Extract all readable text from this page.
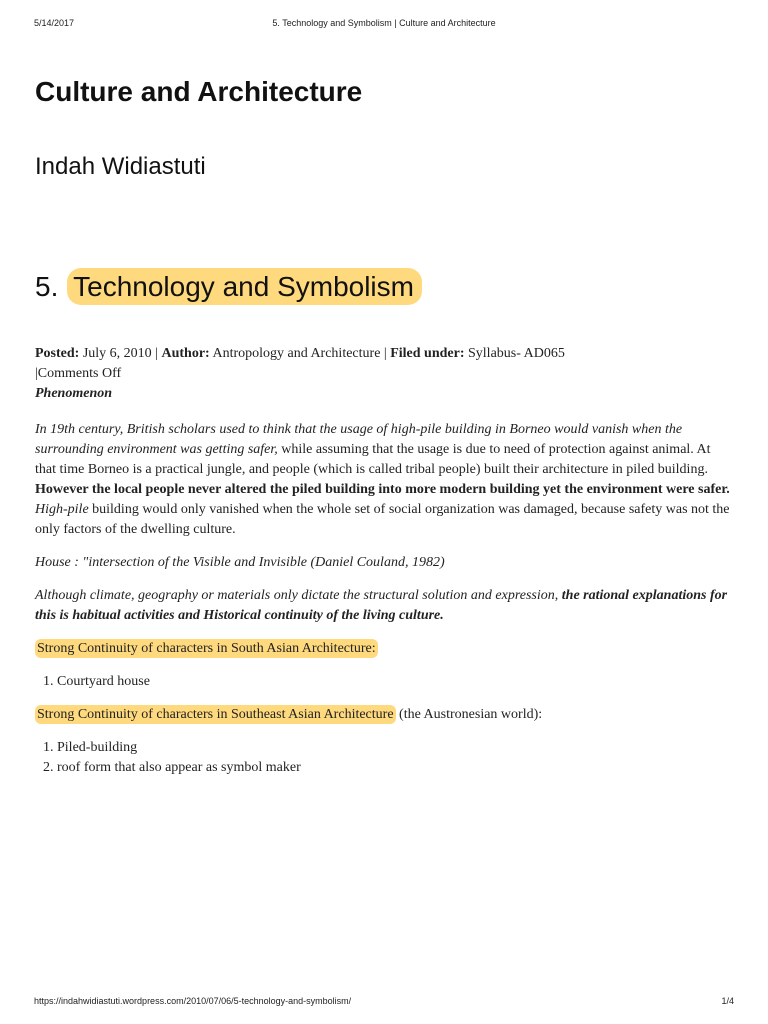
5/14/2017	5. Technology and Symbolism | Culture and Architecture
Culture and Architecture
Indah Widiastuti
5. Technology and Symbolism

Posted: July 6, 2010 | Author: Antropology and Architecture | Filed under: Syllabus- AD065
|Comments Off

Phenomenon

In 19th century, British scholars used to think that the usage of high-pile building in Borneo would vanish when the surrounding environment was getting safer, while assuming that the usage is due to need of protection against animal. At that time Borneo is a practical jungle, and people (which is called tribal people) built their architecture in piled building. However the local people never altered the piled building into more modern building yet the environment were safer. High-pile building would only vanished when the whole set of social organization was damaged, because safety was not the only factors of the dwelling culture.

House : "intersection of the Visible and Invisible (Daniel Couland, 1982)

Although climate, geography or materials only dictate the structural solution and expression, the rational explanations for this is habitual activities and Historical continuity of the living culture.

Strong Continuity of characters in South Asian Architecture:

1. Courtyard house

Strong Continuity of characters in Southeast Asian Architecture (the Austronesian world):

1. Piled-building
2. roof form that also appear as symbol maker
https://indahwidiastuti.wordpress.com/2010/07/06/5-technology-and-symbolism/	1/4
